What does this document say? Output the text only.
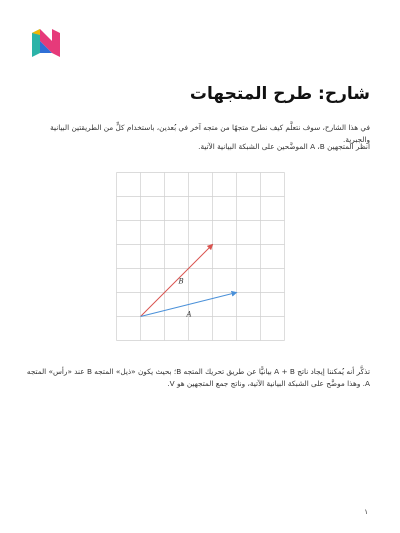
شارح: طرح المتجهات

في هذا الشارح، سوف نتعلَّم كيف نطرح متجهًا من متجه آخر في بُعدين، باستخدام كلٍّ من الطريقتين البيانية والجبرية.

انظر المتجهين A ،B الموضَّحين على الشبكة البيانية الآتية.

B
A

تذكَّر أنه يُمكننا إيجاد ناتج A + B بيانيًّا عن طريق تحريك المتجه B؛ بحيث يكون «ذيل» المتجه B عند «رأس» المتجه
A. وهذا موضَّح على الشبكة البيانية الآتية، وناتج جمع المتجهين هو V.

١
